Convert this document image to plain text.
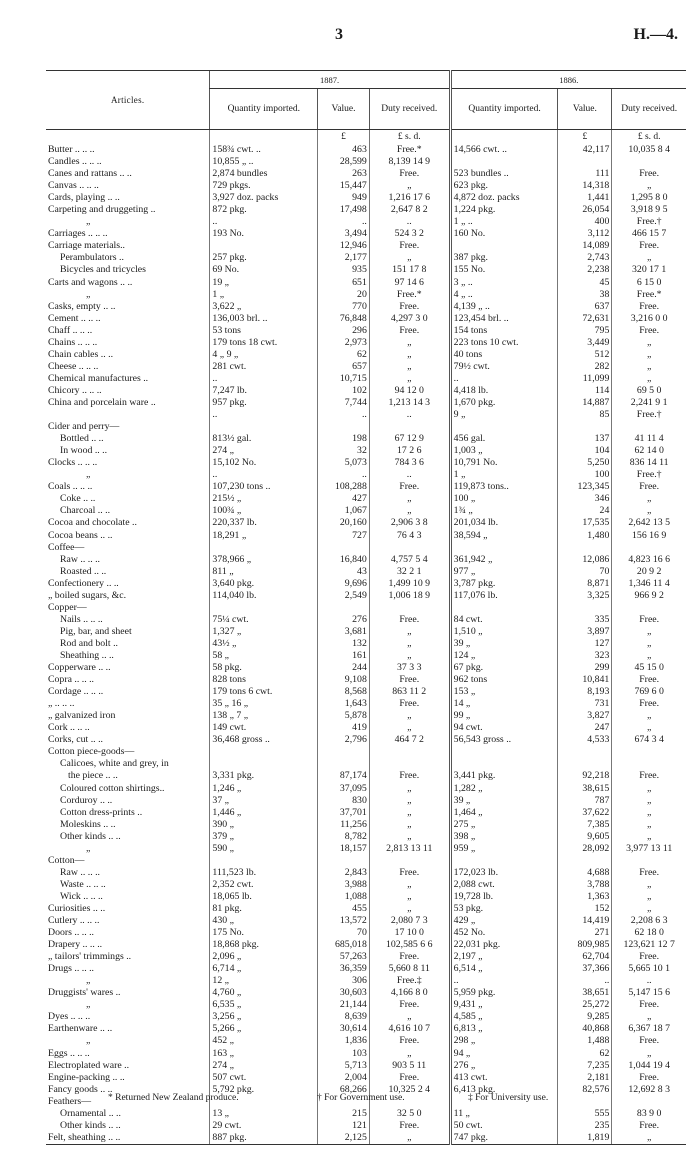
3	H.—4.
Articles.	1887.			1886.		
	Quantity imported.	Value.	Duty received.	Quantity imported.	Value.	Duty received.
		£	£ s. d.		£	£ s. d.
Butter .. .. ..	158¾ cwt. ..	463	Free.*	14,566 cwt. ..	42,117	10,035 8 4
Candles .. .. ..	10,855 „ ..	28,599	8,139 14 9			
Canes and rattans .. ..	2,874 bundles	263	Free.	523 bundles ..	111	Free.
Canvas .. .. ..	729 pkgs.	15,447	„	623 pkg.	14,318	„
Cards, playing .. ..	3,927 doz. packs	949	1,216 17 6	4,872 doz. packs	1,441	1,295 8 0
Carpeting and druggeting ..	872 pkg.	17,498	2,647 8 2	1,224 pkg.	26,054	3,918 9 5
„	..	..	..	1 „ ..	400	Free.†
Carriages .. .. ..	193 No.	3,494	524 3 2	160 No.	3,112	466 15 7
Carriage materials..		12,946	Free.		14,089	Free.
Perambulators ..	257 pkg.	2,177	„	387 pkg.	2,743	„
Bicycles and tricycles	69 No.	935	151 17 8	155 No.	2,238	320 17 1
Carts and wagons .. ..	19 „	651	97 14 6	3 „ ..	45	6 15 0
„	1 „	20	Free.*	4 „ ..	38	Free.*
Casks, empty .. ..	3,622 „	770	Free.	4,139 „ ..	637	Free.
Cement .. .. ..	136,003 brl. ..	76,848	4,297 3 0	123,454 brl. ..	72,631	3,216 0 0
Chaff .. .. ..	53 tons	296	Free.	154 tons	795	Free.
Chains .. .. ..	179 tons 18 cwt.	2,973	„	223 tons 10 cwt.	3,449	„
Chain cables .. ..	4 „ 9 „	62	„	40 tons	512	„
Cheese .. .. ..	281 cwt.	657	„	79½ cwt.	282	„
Chemical manufactures ..	..	10,715	„	..	11,099	„
Chicory .. .. ..	7,247 lb.	102	94 12 0	4,418 lb.	114	69 5 0
China and porcelain ware ..	957 pkg.	7,744	1,213 14 3	1,670 pkg.	14,887	2,241 9 1
	..	..	..	9 „	85	Free.†
Cider and perry—						
Bottled .. ..	813½ gal.	198	67 12 9	456 gal.	137	41 11 4
In wood .. ..	274 „	32	17 2 6	1,003 „	104	62 14 0
Clocks .. .. ..	15,102 No.	5,073	784 3 6	10,791 No.	5,250	836 14 11
„	..	..	..	1 „	100	Free.†
Coals .. .. ..	107,230 tons ..	108,288	Free.	119,873 tons..	123,345	Free.
Coke .. ..	215½ „	427	„	100 „	346	„
Charcoal .. ..	100¾ „	1,067	„	1¾ „	24	„
Cocoa and chocolate ..	220,337 lb.	20,160	2,906 3 8	201,034 lb.	17,535	2,642 13 5
Cocoa beans .. ..	18,291 „	727	76 4 3	38,594 „	1,480	156 16 9
Coffee—						
Raw .. .. ..	378,966 „	16,840	4,757 5 4	361,942 „	12,086	4,823 16 6
Roasted .. ..	811 „	43	32 2 1	977 „	70	20 9 2
Confectionery .. ..	3,640 pkg.	9,696	1,499 10 9	3,787 pkg.	8,871	1,346 11 4
„ boiled sugars, &c.	114,040 lb.	2,549	1,006 18 9	117,076 lb.	3,325	966 9 2
Copper—						
Nails .. .. ..	75¼ cwt.	276	Free.	84 cwt.	335	Free.
Pig, bar, and sheet	1,327 „	3,681	„	1,510 „	3,897	„
Rod and bolt ..	43½ „	132	„	39 „	127	„
Sheathing .. ..	58 „	161	„	124 „	323	„
Copperware .. ..	58 pkg.	244	37 3 3	67 pkg.	299	45 15 0
Copra .. .. ..	828 tons	9,108	Free.	962 tons	10,841	Free.
Cordage .. .. ..	179 tons 6 cwt.	8,568	863 11 2	153 „	8,193	769 6 0
„ .. .. ..	35 „ 16 „	1,643	Free.	14 „	731	Free.
„ galvanized iron	138 „ 7 „	5,878	„	99 „	3,827	„
Cork .. .. ..	149 cwt.	419	„	94 cwt.	247	„
Corks, cut .. ..	36,468 gross ..	2,796	464 7 2	56,543 gross ..	4,533	674 3 4
Cotton piece-goods—						
Calicoes, white and grey, in						
the piece .. ..	3,331 pkg.	87,174	Free.	3,441 pkg.	92,218	Free.
Coloured cotton shirtings..	1,246 „	37,095	„	1,282 „	38,615	„
Corduroy .. ..	37 „	830	„	39 „	787	„
Cotton dress-prints ..	1,446 „	37,701	„	1,464 „	37,622	„
Moleskins .. ..	390 „	11,256	„	275 „	7,385	„
Other kinds .. ..	379 „	8,782	„	398 „	9,605	„
„	590 „	18,157	2,813 13 11	959 „	28,092	3,977 13 11
Cotton—						
Raw .. .. ..	111,523 lb.	2,843	Free.	172,023 lb.	4,688	Free.
Waste .. .. ..	2,352 cwt.	3,988	„	2,088 cwt.	3,788	„
Wick .. .. ..	18,065 lb.	1,088	„	19,728 lb.	1,363	„
Curiosities .. ..	81 pkg.	455	„	53 pkg.	152	„
Cutlery .. .. ..	430 „	13,572	2,080 7 3	429 „	14,419	2,208 6 3
Doors .. .. ..	175 No.	70	17 10 0	452 No.	271	62 18 0
Drapery .. .. ..	18,868 pkg.	685,018	102,585 6 6	22,031 pkg.	809,985	123,621 12 7
„ tailors' trimmings ..	2,096 „	57,263	Free.	2,197 „	62,704	Free.
Drugs .. .. ..	6,714 „	36,359	5,660 8 11	6,514 „	37,366	5,665 10 1
„	12 „	306	Free.‡	..	..	..
Druggists' wares ..	4,760 „	30,603	4,166 8 0	5,959 pkg.	38,651	5,147 15 6
„	6,535 „	21,144	Free.	9,431 „	25,272	Free.
Dyes .. .. ..	3,256 „	8,639	„	4,585 „	9,285	„
Earthenware .. ..	5,266 „	30,614	4,616 10 7	6,813 „	40,868	6,367 18 7
„	452 „	1,836	Free.	298 „	1,488	Free.
Eggs .. .. ..	163 „	103	„	94 „	62	„
Electroplated ware ..	274 „	5,713	903 5 11	276 „	7,235	1,044 19 4
Engine-packing .. ..	507 cwt.	2,004	Free.	413 cwt.	2,181	Free.
Fancy goods .. ..	5,792 pkg.	68,266	10,325 2 4	6,413 pkg.	82,576	12,692 8 3
Feathers—						
Ornamental .. ..	13 „	215	32 5 0	11 „	555	83 9 0
Other kinds .. ..	29 cwt.	121	Free.	50 cwt.	235	Free.
Felt, sheathing .. ..	887 pkg.	2,125	„	747 pkg.	1,819	„
* Returned New Zealand produce.	† For Government use.	‡ For University use.
